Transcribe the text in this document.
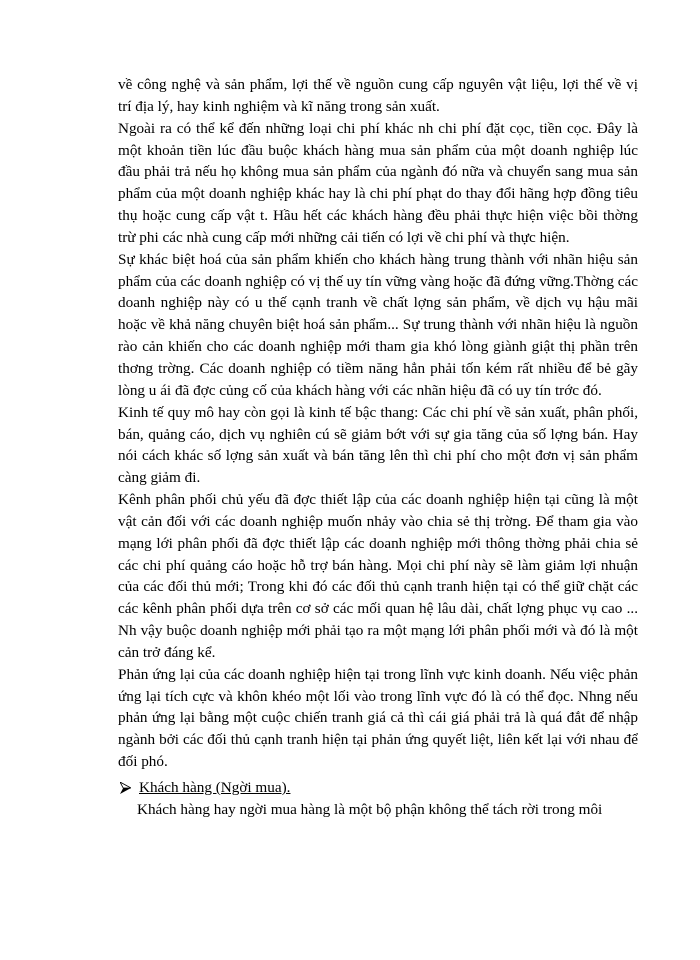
về công nghệ và sản phẩm, lợi thế về nguồn cung cấp nguyên vật liệu, lợi thế về vị trí địa lý, hay kinh nghiệm và kĩ năng trong sản xuất.

Ngoài ra có thể kể đến những loại chi phí khác nh chi phí đặt cọc, tiền cọc. Đây là một khoản tiền lúc đầu buộc khách hàng mua sản phẩm của một doanh nghiệp lúc đầu phải trả nếu họ không mua sản phẩm của ngành đó nữa và chuyển sang mua sản phẩm của một doanh nghiệp khác hay là chi phí phạt do thay đổi hãng hợp đồng tiêu thụ hoặc cung cấp vật t. Hầu hết các khách hàng đều phải thực hiện việc bồi thờng trừ phi các nhà cung cấp mới những cải tiến có lợi về chi phí và thực hiện.

Sự khác biệt hoá của sản phẩm khiến cho khách hàng trung thành với nhãn hiệu sản phẩm của các doanh nghiệp có vị thế uy tín vững vàng hoặc đã đứng vững.Thờng các doanh nghiệp này có u thế cạnh tranh về chất lợng sản phẩm, về dịch vụ hậu mãi hoặc về khả năng chuyên biệt hoá sản phẩm... Sự trung thành với nhãn hiệu là nguồn rào cản khiến cho các doanh nghiệp mới tham gia khó lòng giành giật thị phần trên thơng trờng. Các doanh nghiệp có tiềm năng hẳn phải tốn kém rất nhiều để bẻ gãy lòng u ái đã đợc củng cố của khách hàng với các nhãn hiệu đã có uy tín trớc đó.

Kinh tế quy mô hay còn gọi là kinh tế bậc thang: Các chi phí về sản xuất, phân phối, bán, quảng cáo, dịch vụ nghiên cú sẽ giảm bớt với sự gia tăng của số lợng bán. Hay nói cách khác số lợng sản xuất và bán tăng lên thì chi phí cho một đơn vị sản phẩm càng giảm đi.

Kênh phân phối chủ yếu đã đợc thiết lập của các doanh nghiệp hiện tại cũng là một vật cản đối với các doanh nghiệp muốn nhảy vào chia sẻ thị trờng. Để tham gia vào mạng lới phân phối đã đợc thiết lập các doanh nghiệp mới thông thờng phải chia sẻ các chi phí quảng cáo hoặc hỗ trợ bán hàng. Mọi chi phí này sẽ làm giảm lợi nhuận của các đối thủ mới; Trong khi đó các đối thủ cạnh tranh hiện tại có thể giữ chặt các các kênh phân phối dựa trên cơ sở các mối quan hệ lâu dài, chất lợng phục vụ cao ... Nh vậy buộc doanh nghiệp mới phải tạo ra một mạng lới phân phối mới và đó là một cản trở đáng kể.

Phản ứng lại của các doanh nghiệp hiện tại trong lĩnh vực kinh doanh. Nếu việc phản ứng lại tích cực và khôn khéo một lối vào trong lĩnh vực đó là có thể đọc. Nhng nếu phản ứng lại bằng một cuộc chiến tranh giá cả thì cái giá phải trả là quá đắt để nhập ngành bởi các đối thủ cạnh tranh hiện tại phản ứng quyết liệt, liên kết lại với nhau để đối phó.

Khách hàng (Ngời mua).

Khách hàng hay ngời mua hàng là một bộ phận không thể tách rời trong môi
